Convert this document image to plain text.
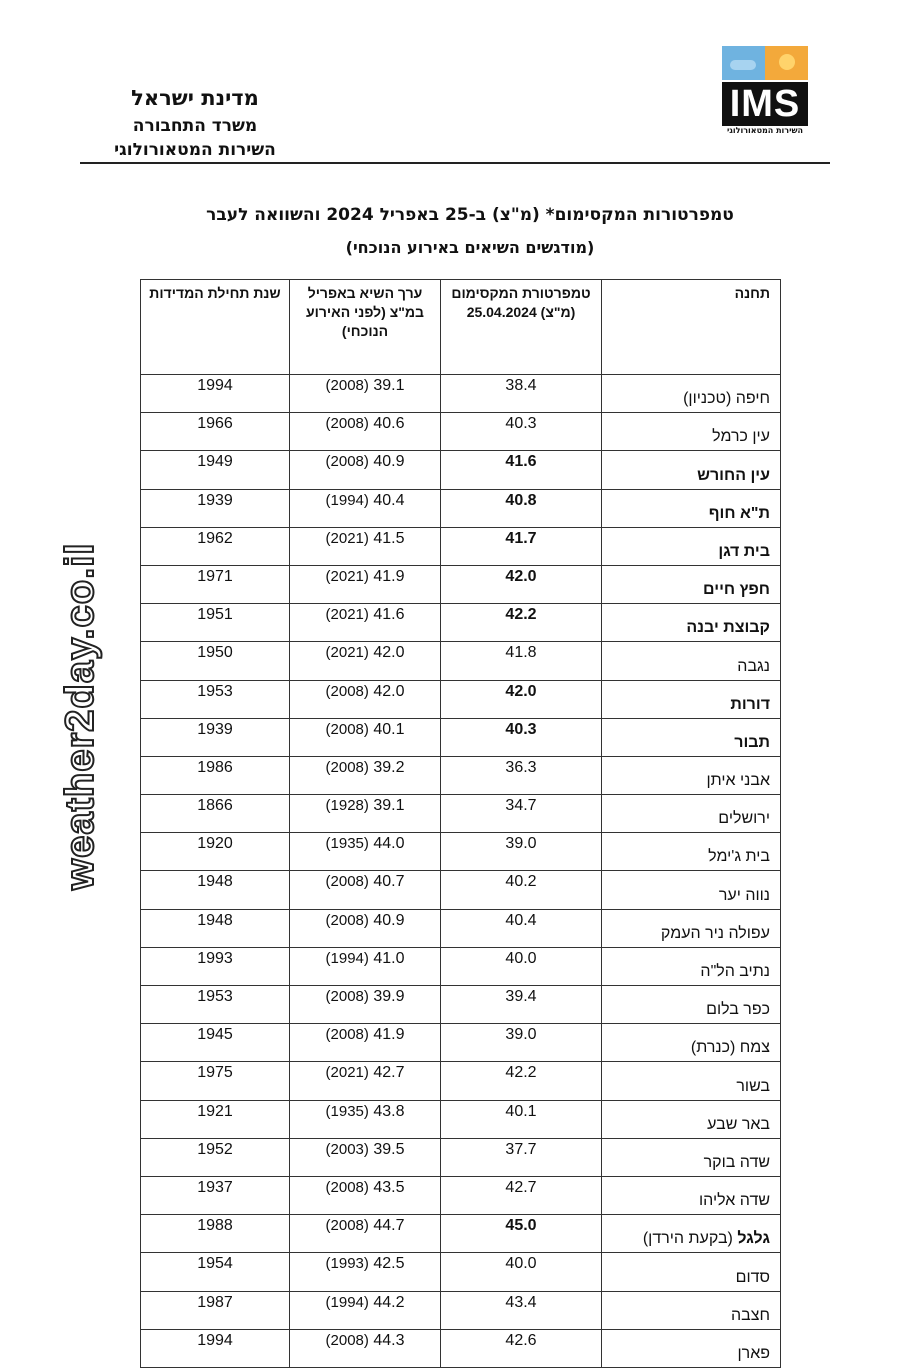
מדינת ישראל
משרד התחבורה
השירות המטאורולוגי
IMS
השירות המטאורולוגי
טמפרטורות המקסימום* (מ"צ) ב-25 באפריל 2024 והשוואה לעבר
(מודגשים השיאים באירוע הנוכחי)
weather2day.co.il
תחנה	טמפרטורת המקסימום (מ"צ) 25.04.2024	ערך השיא באפריל במ"צ (לפני האירוע הנוכחי)	שנת תחילת המדידות
חיפה (טכניון)	38.4	(2008) 39.1	1994
עין כרמל	40.3	(2008) 40.6	1966
עין החורש	41.6	(2008) 40.9	1949
ת"א חוף	40.8	(1994) 40.4	1939
בית דגן	41.7	(2021) 41.5	1962
חפץ חיים	42.0	(2021) 41.9	1971
קבוצת יבנה	42.2	(2021) 41.6	1951
נגבה	41.8	(2021) 42.0	1950
דורות	42.0	(2008) 42.0	1953
תבור	40.3	(2008) 40.1	1939
אבני איתן	36.3	(2008) 39.2	1986
ירושלים	34.7	(1928) 39.1	1866
בית ג'ימל	39.0	(1935) 44.0	1920
נווה יער	40.2	(2008) 40.7	1948
עפולה ניר העמק	40.4	(2008) 40.9	1948
נתיב הל"ה	40.0	(1994) 41.0	1993
כפר בלום	39.4	(2008) 39.9	1953
צמח (כנרת)	39.0	(2008) 41.9	1945
בשור	42.2	(2021) 42.7	1975
באר שבע	40.1	(1935) 43.8	1921
שדה בוקר	37.7	(2003) 39.5	1952
שדה אליהו	42.7	(2008) 43.5	1937
גלגל (בקעת הירדן)	45.0	(2008) 44.7	1988
סדום	40.0	(1993) 42.5	1954
חצבה	43.4	(1994) 44.2	1987
פארן	42.6	(2008) 44.3	1994
